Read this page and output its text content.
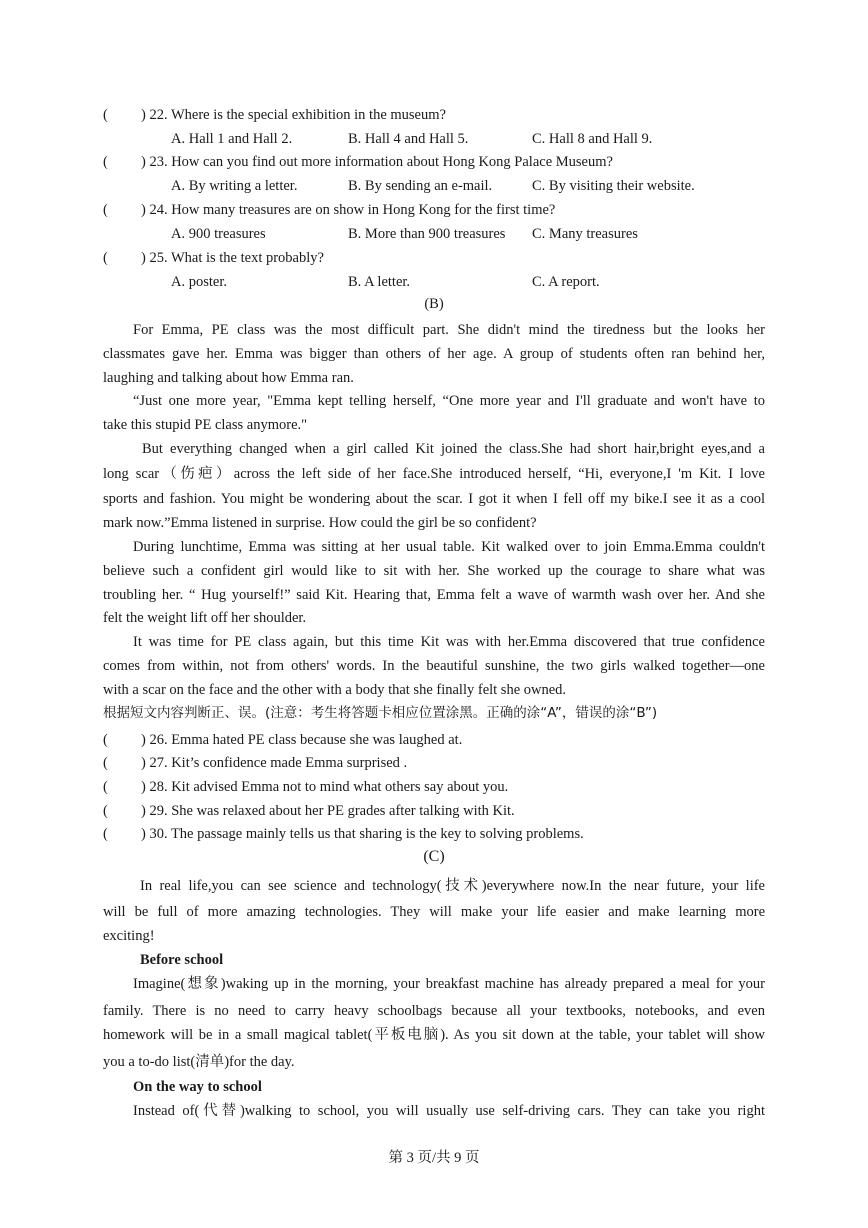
( ) 22. Where is the special exhibition in the museum?
A. Hall 1 and Hall 2.	B. Hall 4 and Hall 5.	C. Hall 8 and Hall 9.
( ) 23. How can you find out more information about Hong Kong Palace Museum?
A. By writing a letter.	B. By sending an e-mail.	C. By visiting their website.
( ) 24. How many treasures are on show in Hong Kong for the first time?
A. 900 treasures	B. More than 900 treasures C. Many treasures
( ) 25. What is the text probably?
A. poster.	B. A letter.	C. A report.
(B)
For Emma, PE class was the most difficult part. She didn't mind the tiredness but the looks her
classmates gave her. Emma was bigger than others of her age. A group of students often ran behind her,
laughing and talking about how Emma ran.
“Just one more year, "Emma kept telling herself, “One more year and I'll graduate and won't have to
take this stupid PE class anymore."
But everything changed when a girl called Kit joined the class.She had short hair,bright eyes,and a
long scar（伤疤）across the left side of her face.She introduced herself, “Hi, everyone,I 'm Kit. I love
sports and fashion. You might be wondering about the scar. I got it when I fell off my bike.I see it as a cool
mark now.”Emma listened in surprise. How could the girl be so confident?
During lunchtime, Emma was sitting at her usual table. Kit walked over to join Emma.Emma couldn't
believe such a confident girl would like to sit with her. She worked up the courage to share what was
troubling her. “ Hug yourself!” said Kit. Hearing that, Emma felt a wave of warmth wash over her. And she
felt the weight lift off her shoulder.
It was time for PE class again, but this time Kit was with her.Emma discovered that true confidence
comes from within, not from others' words. In the beautiful sunshine, the two girls walked together—one
with a scar on the face and the other with a body that she finally felt she owned.
根据短文内容判断正、误。(注意：考生将答题卡相应位置涂黑。正确的涂“A”，错误的涂“B”)
( ) 26. Emma hated PE class because she was laughed at.
( ) 27. Kit’s confidence made Emma surprised .
( ) 28. Kit advised Emma not to mind what others say about you.
( ) 29. She was relaxed about her PE grades after talking with Kit.
( ) 30. The passage mainly tells us that sharing is the key to solving problems.
(C)
In real life,you can see science and technology(技术)everywhere now.In the near future, your life
will be full of more amazing technologies. They will make your life easier and make learning more
exciting!
Before school
Imagine(想象)waking up in the morning, your breakfast machine has already prepared a meal for your
family. There is no need to carry heavy schoolbags because all your textbooks, notebooks, and even
homework will be in a small magical tablet(平板电脑). As you sit down at the table, your tablet will show
you a to-do list(清单)for the day.
On the way to school
Instead of(代替)walking to school, you will usually use self-driving cars. They can take you right
第 3 页/共 9 页
